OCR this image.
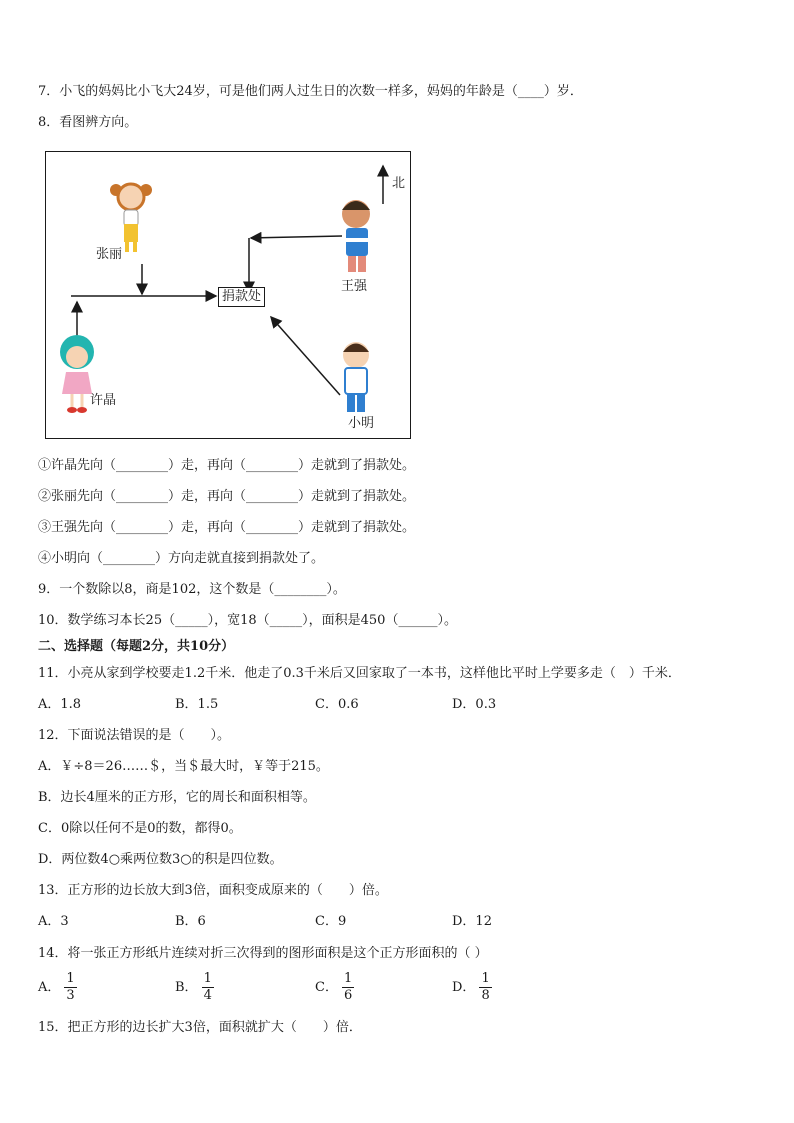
7．小飞的妈妈比小飞大24岁，可是他们两人过生日的次数一样多，妈妈的年龄是（____）岁．
8．看图辨方向。
北
张丽
王强
捐款处
许晶
小明
①许晶先向（________）走，再向（________）走就到了捐款处。
②张丽先向（________）走，再向（________）走就到了捐款处。
③王强先向（________）走，再向（________）走就到了捐款处。
④小明向（________）方向走就直接到捐款处了。
9．一个数除以8，商是102，这个数是（________）。
10．数学练习本长25（_____），宽18（_____），面积是450（______）。
二、选择题（每题2分，共10分）
11．小亮从家到学校要走1.2千米．他走了0.3千米后又回家取了一本书，这样他比平时上学要多走（　）千米．
A．1.8	B．1.5	C．0.6	D．0.3
12．下面说法错误的是（　　）。
A．￥÷8＝26……＄，当＄最大时，￥等于215。
B．边长4厘米的正方形，它的周长和面积相等。
C．0除以任何不是0的数，都得0。
D．两位数4○乘两位数3○的积是四位数。
13．正方形的边长放大到3倍，面积变成原来的（　　）倍。
A．3	B．6	C．9	D．12
14．将一张正方形纸片连续对折三次得到的图形面积是这个正方形面积的（ ）
A． $\frac{1}{3}$	B． $\frac{1}{4}$	C． $\frac{1}{6}$	D． $\frac{1}{8}$
15．把正方形的边长扩大3倍，面积就扩大（　　）倍．
